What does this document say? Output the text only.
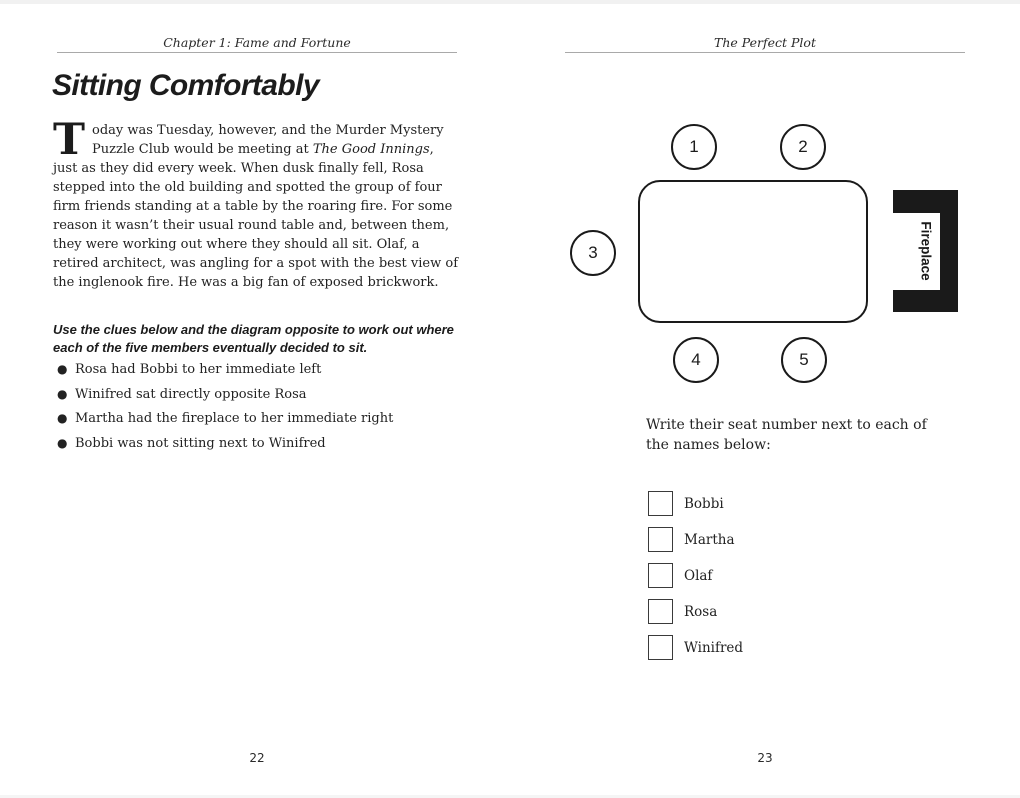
Chapter 1: Fame and Fortune
Sitting Comfortably

Today was Tuesday, however, and the Murder Mystery Puzzle Club would be meeting at The Good Innings, just as they did every week. When dusk finally fell, Rosa stepped into the old building and spotted the group of four firm friends standing at a table by the roaring fire. For some reason it wasn’t their usual round table and, between them, they were working out where they should all sit. Olaf, a retired architect, was angling for a spot with the best view of the inglenook fire. He was a big fan of exposed brickwork.

Use the clues below and the diagram opposite to work out where each of the five members eventually decided to sit.

● Rosa had Bobbi to her immediate left
● Winifred sat directly opposite Rosa
● Martha had the fireplace to her immediate right
● Bobbi was not sitting next to Winifred
22
The Perfect Plot
1	2
3
4	5
Fireplace

Write their seat number next to each of the names below:

Bobbi
Martha
Olaf
Rosa
Winifred
23
